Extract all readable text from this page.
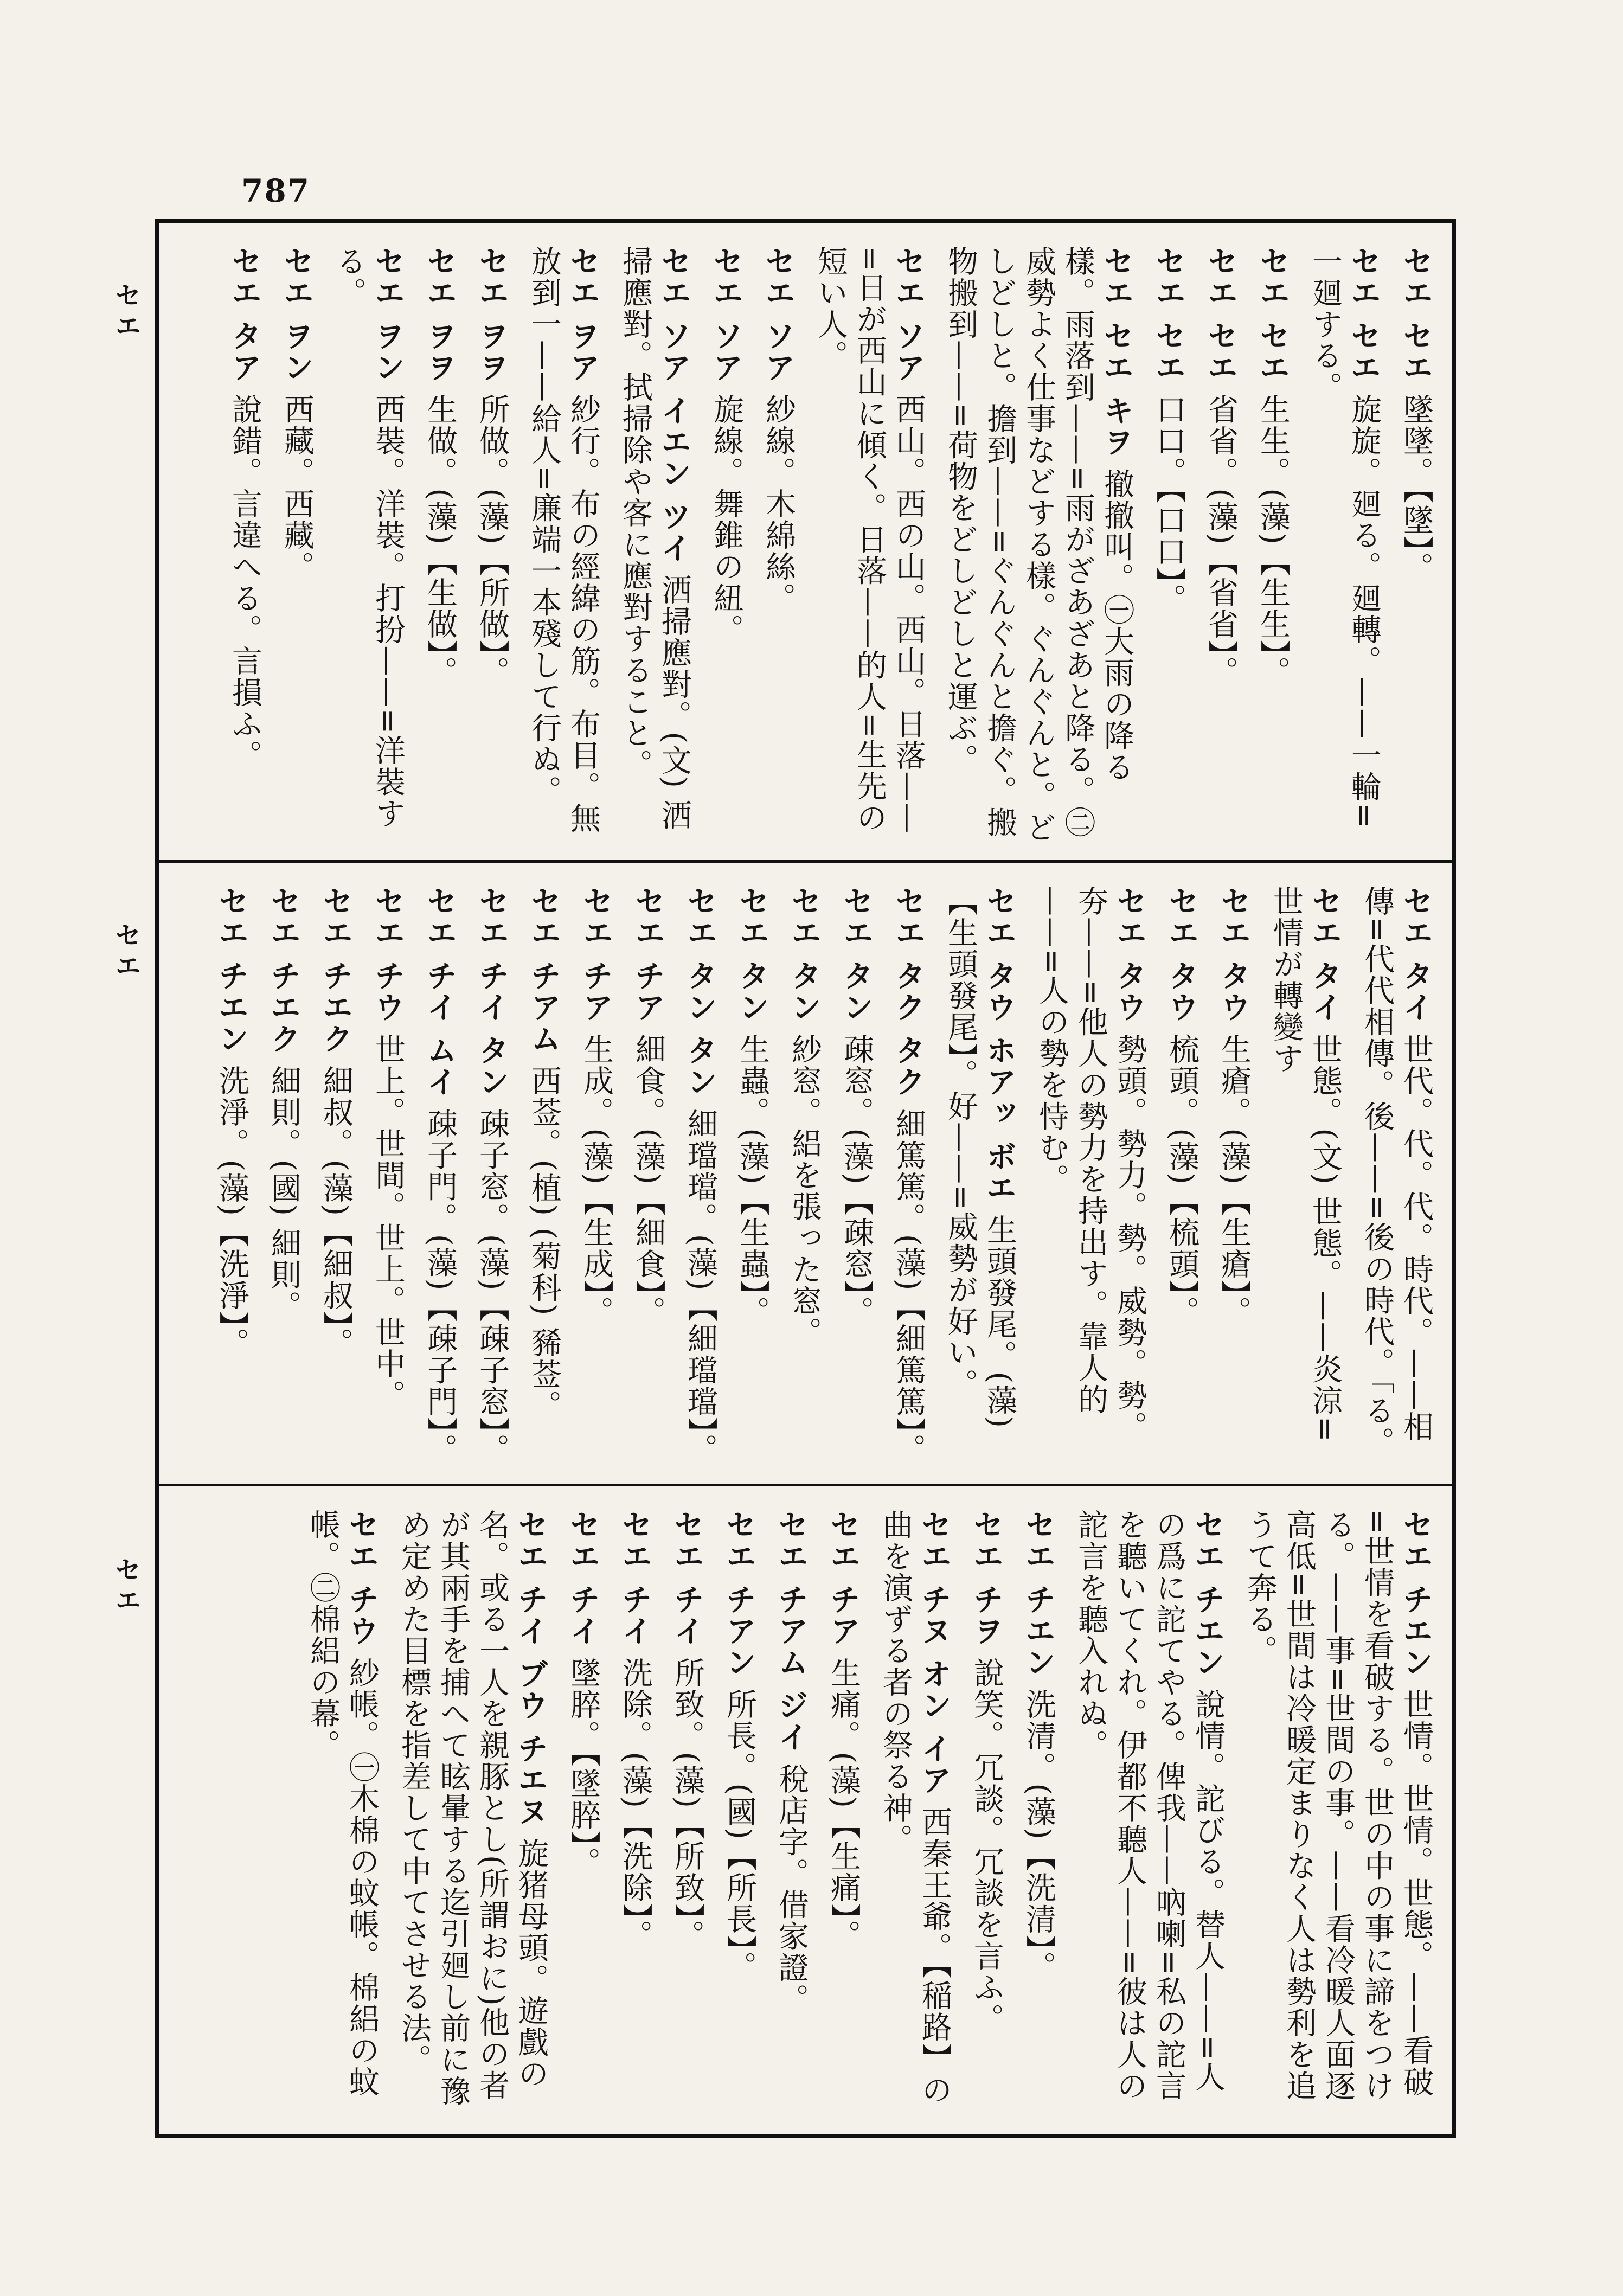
787
セエ
セエ
セエ
セエ セエ 墜墜。【墜】。
セエ セエ 旋旋。廻る。廻轉。——一輪=一廻する。
セエ セエ 生生。(藻)【生生】。
セエ セエ 省省。(藻)【省省】。
セエ セエ 口口。【口口】。
セエ セエ キヲ 撤撤叫。㊀大雨の降る樣。雨落到——=雨がざあざあと降る。㊁威勢よく仕事などする樣。ぐんぐんと。どしどしと。擔到——=ぐんぐんと擔ぐ。搬物搬到——=荷物をどしどしと運ぶ。
セエ ソア 西山。西の山。西山。日落——=日が西山に傾く。日落——的人=生先の短い人。
セエ ソア 紗線。木綿絲。
セエ ソア 旋線。舞錐の紐。
セエ ソア イエン ツイ 洒掃應對。(文) 洒掃應對。拭掃除や客に應對すること。
セエ ヲア 紗行。布の經緯の筋。布目。無放到一——給人=廉端一本殘して行ぬ。
セエ ヲヲ 所做。(藻)【所做】。
セエ ヲヲ 生做。(藻)【生做】。
セエ ヲン 西裝。洋裝。打扮——=洋裝する。
セエ ヲン 西藏。西藏。
セエ タア 說錯。言違へる。言損ふ。
セエ タイ 世代。代。代。時代。——相傳=代代相傳。後——=後の時代。「る。
セエ タイ 世態。(文) 世態。——炎涼=世情が轉變す
セエ タウ 生瘡。(藻)【生瘡】。
セエ タウ 梳頭。(藻)【梳頭】。
セエ タウ 勢頭。勢力。勢。威勢。勢。夯——=他人の勢力を持出す。靠人的——=人の勢を恃む。
セエ タウ ホアッ ボエ 生頭發尾。(藻)【生頭發尾】。好——=威勢が好い。
セエ タク タク 細篤篤。(藻)【細篤篤】。
セエ タン 疎窓。(藻)【疎窓】。
セエ タン 紗窓。絽を張った窓。
セエ タン 生蟲。(藻)【生蟲】。
セエ タン タン 細璫璫。(藻)【細璫璫】。
セエ チア 細食。(藻)【細食】。
セエ チア 生成。(藻)【生成】。
セエ チアム 西莶。(植) (菊科) 豨莶。
セエ チイ タン 疎子窓。(藻)【疎子窓】。
セエ チイ ムイ 疎子門。(藻)【疎子門】。
セエ チウ 世上。世間。世上。世中。
セエ チエク 細叔。(藻)【細叔】。
セエ チエク 細則。(國) 細則。
セエ チエン 洗淨。(藻)【洗淨】。
セエ チエン 世情。世情。世態。——看破=世情を看破する。世の中の事に諦をつける。——事=世間の事。——看冷暖人面逐高低=世間は冷暖定まりなく人は勢利を追うて奔る。
セエ チエン 說情。詑びる。替人——=人の爲に詑てやる。俾我——吶喇=私の詑言を聽いてくれ。伊都不聽人——=彼は人の詑言を聽入れぬ。
セエ チエン 洗清。(藻)【洗清】。
セエ チヲ 說笑。冗談。冗談を言ふ。
セエ チヌ オン イア 西秦王爺。【稲路】の曲を演ずる者の祭る神。
セエ チア 生痛。(藻)【生痛】。
セエ チアム ジイ 稅店字。借家證。
セエ チアン 所長。(國)【所長】。
セエ チイ 所致。(藻)【所致】。
セエ チイ 洗除。(藻)【洗除】。
セエ チイ 墜脺。【墜脺】。
セエ チイ ブウ チエヌ 旋猪母頭。遊戲の名。或る一人を親豚とし(所謂おに)他の者が其兩手を捕へて眩暈する迄引廻し前に豫め定めた目標を指差して中てさせる法。
セエ チウ 紗帳。㊀木棉の蚊帳。棉絽の蚊帳。㊁棉絽の幕。
